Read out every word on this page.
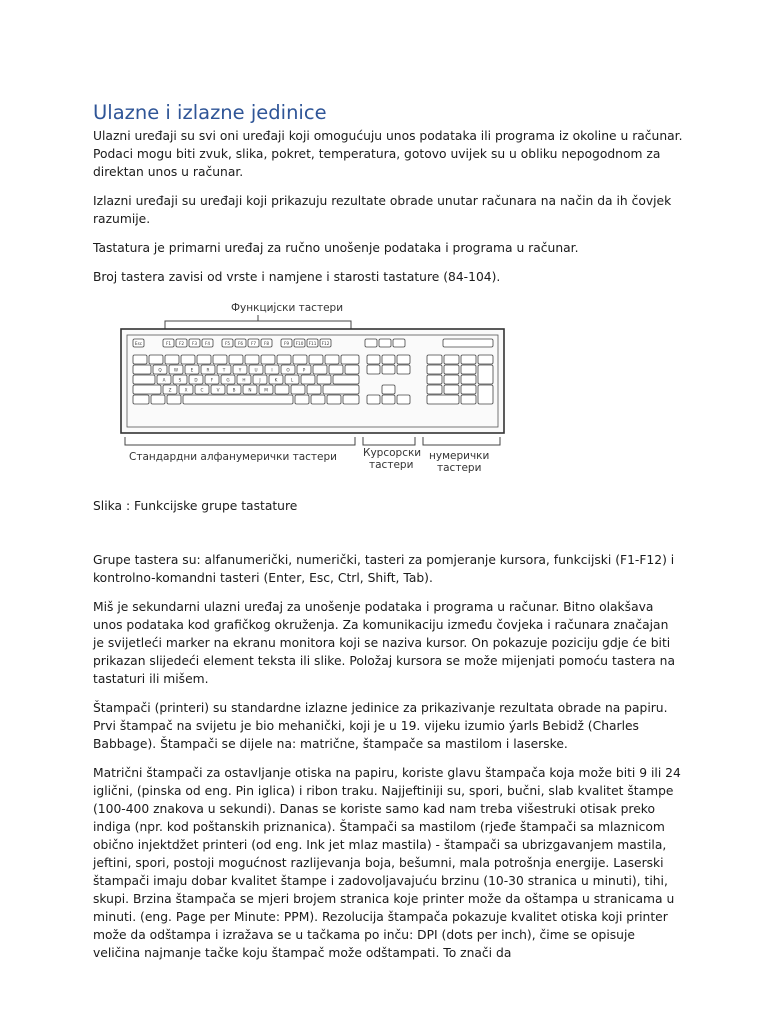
Ulazne i izlazne jedinice

Ulazni uređaji su svi oni uređaji koji omogućuju unos podataka ili programa iz okoline u računar. Podaci mogu biti zvuk, slika, pokret, temperatura, gotovo uvijek su u obliku nepogodnom za direktan unos u računar.

Izlazni uređaji su uređaji koji prikazuju rezultate obrade unutar računara na način da ih čovjek razumije.

Tastatura je primarni uređaj za ručno unošenje podataka i programa u računar.

Broj tastera zavisi od vrste i namjene i starosti tastature (84-104).

Функцијски тастери
Esc	F1 F2 F3 F4	F5 F6 F7 F8	F9 F10 F11 F12
Q	W	E	R	T	Y	U	I	O	P
A	S	D	F	G	H	J	K	L
Z	X	C	V	B	N	M
Стандардни алфанумерички тастери Курсорски
тастери
нумерички
тастери

Slika : Funkcijske grupe tastature

Grupe tastera su: alfanumerički, numerički, tasteri za pomjeranje kursora, funkcijski (F1-F12) i kontrolno-komandni tasteri (Enter, Esc, Ctrl, Shift, Tab).

Miš je sekundarni ulazni uređaj za unošenje podataka i programa u računar. Bitno olakšava unos podataka kod grafičkog okruženja. Za komunikaciju između čovjeka i računara značajan je svijetleći marker na ekranu monitora koji se naziva kursor. On pokazuje poziciju gdje će biti prikazan slijedeći element teksta ili slike. Položaj kursora se može mijenjati pomoću tastera na tastaturi ili mišem.

Štampači (printeri) su standardne izlazne jedinice za prikazivanje rezultata obrade na papiru. Prvi štampač na svijetu je bio mehanički, koji je u 19. vijeku izumio ýarls Bebidž (Charles Babbage). Štampači se dijele na: matrične, štampače sa mastilom i laserske.

Matrični štampači za ostavljanje otiska na papiru, koriste glavu štampača koja može biti 9 ili 24 iglični, (pinska od eng. Pin iglica) i ribon traku. Najjeftiniji su, spori, bučni, slab kvalitet štampe (100-400 znakova u sekundi). Danas se koriste samo kad nam treba višestruki otisak preko indiga (npr. kod poštanskih priznanica). Štampači sa mastilom (rjeđe štampači sa mlaznicom obično injektdžet printeri (od eng. Ink jet mlaz mastila) - štampači sa ubrizgavanjem mastila, jeftini, spori, postoji mogućnost razlijevanja boja, bešumni, mala potrošnja energije. Laserski štampači imaju dobar kvalitet štampe i zadovoljavajuću brzinu (10-30 stranica u minuti), tihi, skupi. Brzina štampača se mjeri brojem stranica koje printer može da oštampa u stranicama u minuti. (eng. Page per Minute: PPM). Rezolucija štampača pokazuje kvalitet otiska koji printer može da odštampa i izražava se u tačkama po inču: DPI (dots per inch), čime se opisuje veličina najmanje tačke koju štampač može odštampati. To znači da
